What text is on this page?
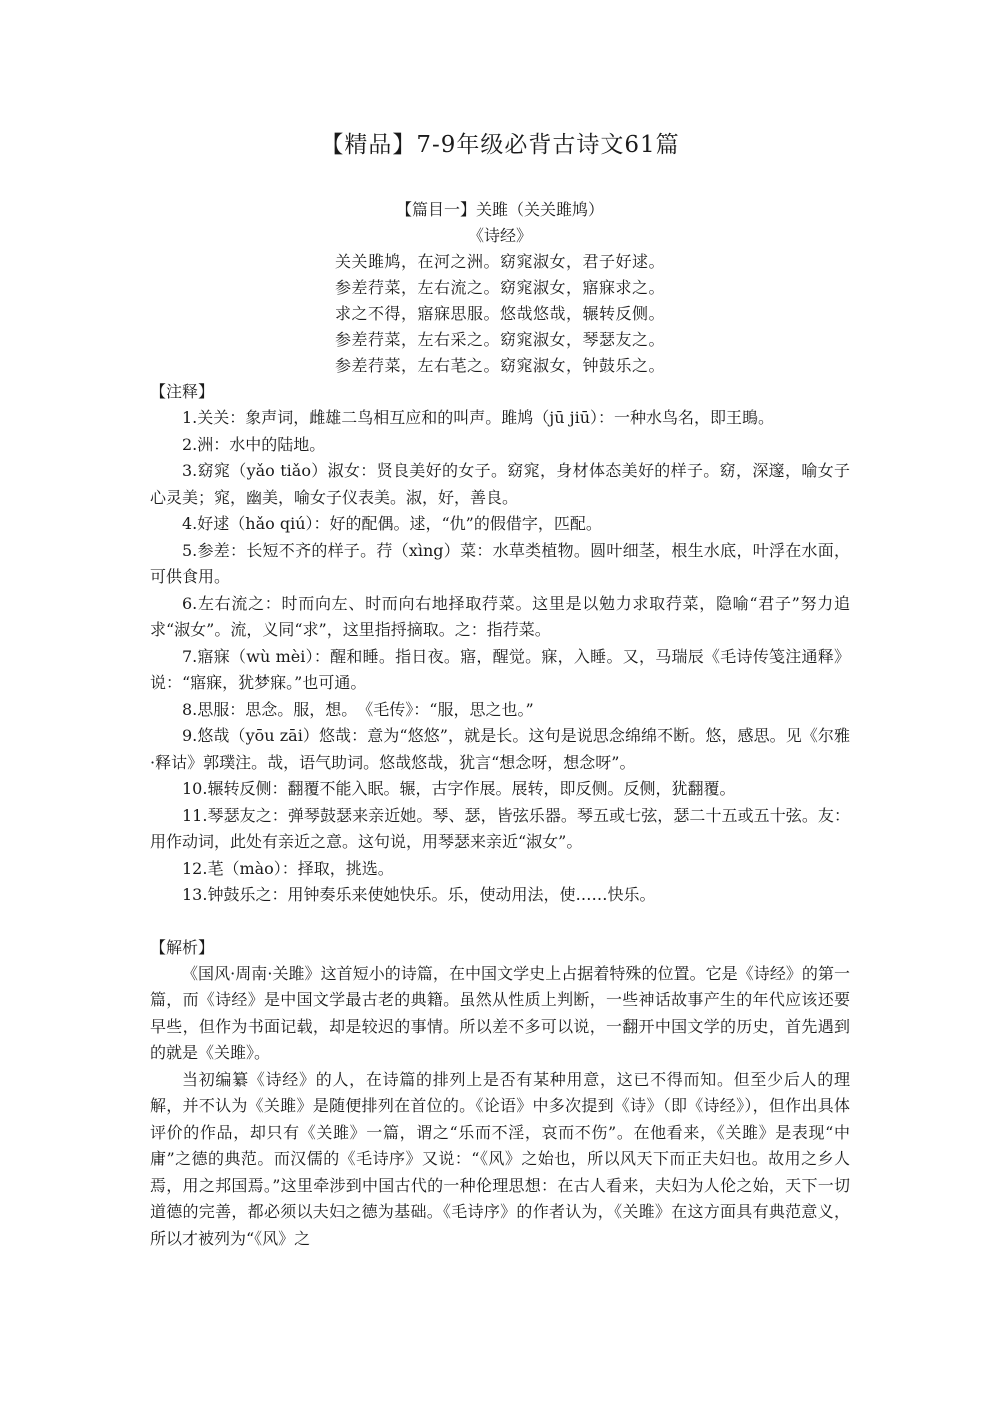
【精品】7-9年级必背古诗文61篇
【篇目一】关雎（关关雎鸠）
《诗经》
关关雎鸠，在河之洲。窈窕淑女，君子好逑。
参差荇菜，左右流之。窈窕淑女，寤寐求之。
求之不得，寤寐思服。悠哉悠哉，辗转反侧。
参差荇菜，左右采之。窈窕淑女，琴瑟友之。
参差荇菜，左右芼之。窈窕淑女，钟鼓乐之。
【注释】

1.关关：象声词，雌雄二鸟相互应和的叫声。雎鸠（jū jiū）：一种水鸟名，即王鴡。

2.洲：水中的陆地。

3.窈窕（yǎo tiǎo）淑女：贤良美好的女子。窈窕，身材体态美好的样子。窈，深邃，喻女子心灵美；窕，幽美，喻女子仪表美。淑，好，善良。

4.好逑（hǎo qiú）：好的配偶。逑，“仇”的假借字，匹配。

5.参差：长短不齐的样子。荇（xìng）菜：水草类植物。圆叶细茎，根生水底，叶浮在水面，可供食用。

6.左右流之：时而向左、时而向右地择取荇菜。这里是以勉力求取荇菜，隐喻“君子”努力追求“淑女”。流，义同“求”，这里指捋摘取。之：指荇菜。

7.寤寐（wù mèi）：醒和睡。指日夜。寤，醒觉。寐，入睡。又，马瑞辰《毛诗传笺注通释》说：“寤寐，犹梦寐。”也可通。

8.思服：思念。服，想。　《毛传》：“服，思之也。”

9.悠哉（yōu zāi）悠哉：意为“悠悠”，就是长。这句是说思念绵绵不断。悠，感思。见《尔雅·释诂》郭璞注。哉，语气助词。悠哉悠哉，犹言“想念呀，想念呀”。

10.辗转反侧：翻覆不能入眠。辗，古字作展。展转，即反侧。反侧，犹翻覆。

11.琴瑟友之：弹琴鼓瑟来亲近她。琴、瑟，皆弦乐器。琴五或七弦，瑟二十五或五十弦。友：用作动词，此处有亲近之意。这句说，用琴瑟来亲近“淑女”。

12.芼（mào）：择取，挑选。

13.钟鼓乐之：用钟奏乐来使她快乐。乐，使动用法，使……快乐。

【解析】

《国风·周南·关雎》这首短小的诗篇，在中国文学史上占据着特殊的位置。它是《诗经》的第一篇，而《诗经》是中国文学最古老的典籍。虽然从性质上判断，一些神话故事产生的年代应该还要早些，但作为书面记载，却是较迟的事情。所以差不多可以说，一翻开中国文学的历史，首先遇到的就是《关雎》。

当初编纂《诗经》的人，在诗篇的排列上是否有某种用意，这已不得而知。但至少后人的理解，并不认为《关雎》是随便排列在首位的。《论语》中多次提到《诗》（即《诗经》），但作出具体评价的作品，却只有《关雎》一篇，谓之“乐而不淫，哀而不伤”。在他看来，《关雎》是表现“中庸”之德的典范。而汉儒的《毛诗序》又说：“《风》之始也，所以风天下而正夫妇也。故用之乡人焉，用之邦国焉。”这里牵涉到中国古代的一种伦理思想：在古人看来，夫妇为人伦之始，天下一切道德的完善，都必须以夫妇之德为基础。《毛诗序》的作者认为，《关雎》在这方面具有典范意义，所以才被列为“《风》之
